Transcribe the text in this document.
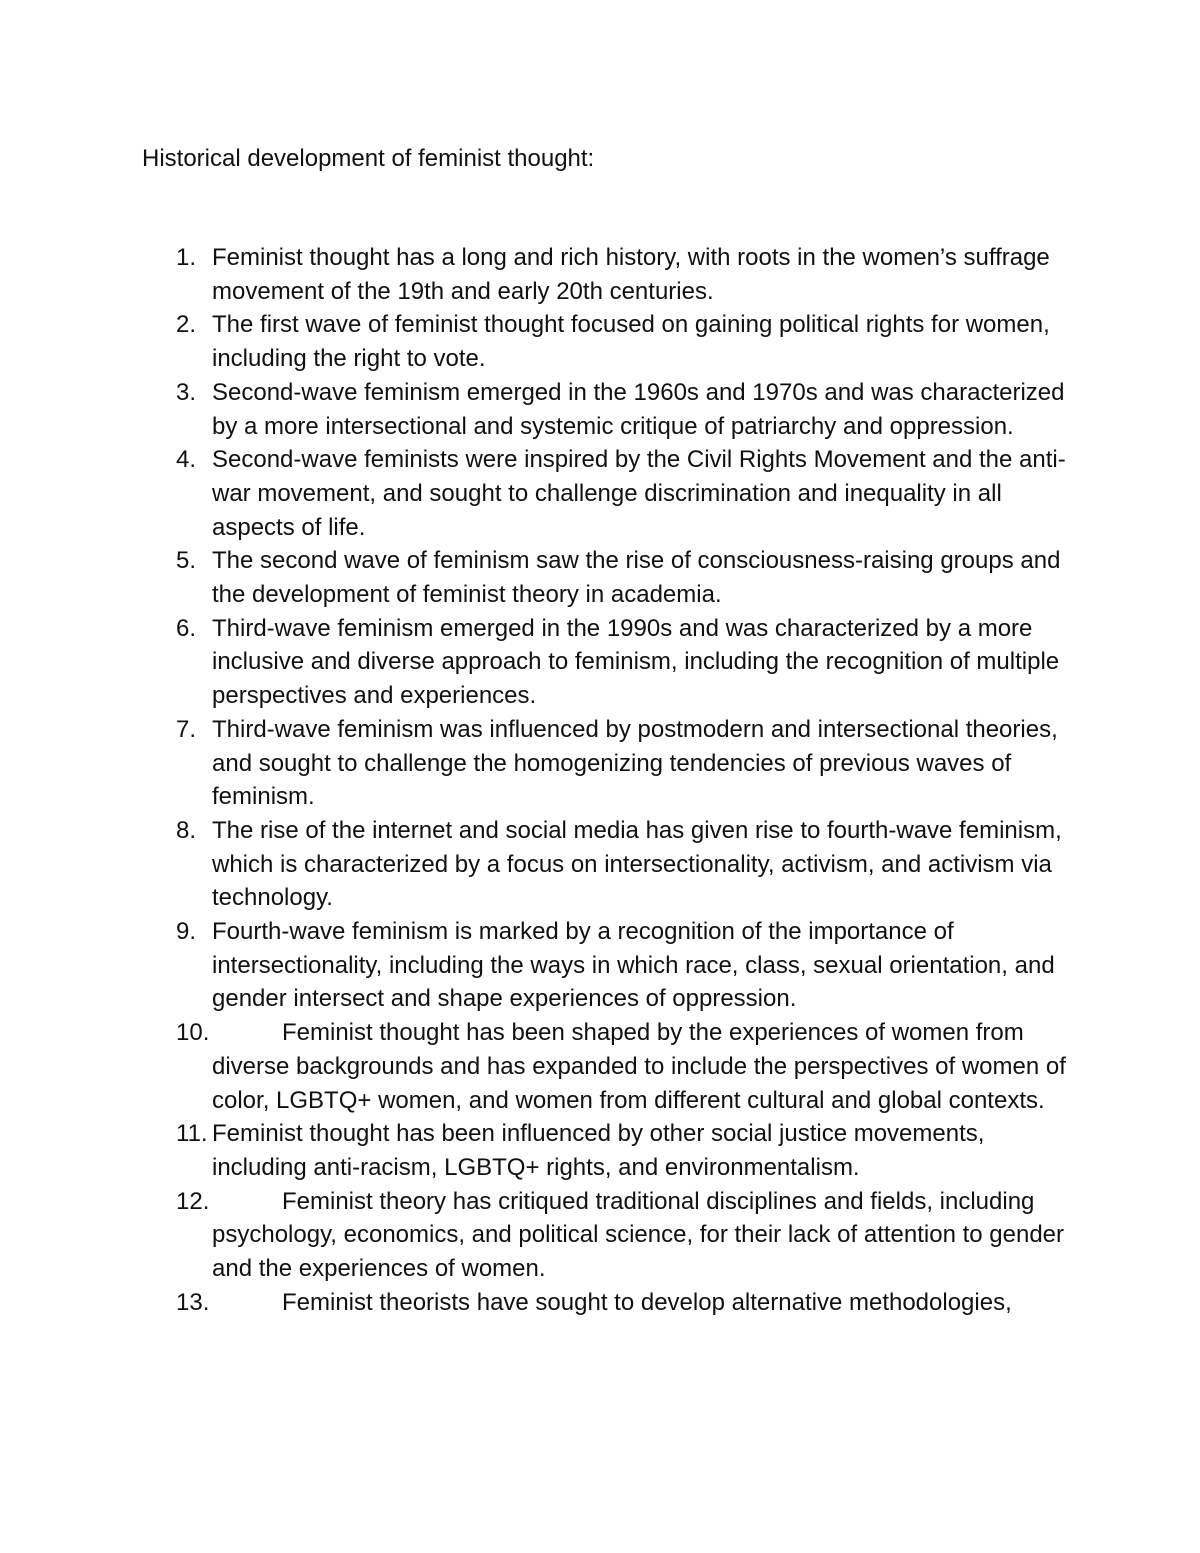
Historical development of feminist thought:
1. Feminist thought has a long and rich history, with roots in the women’s suffrage movement of the 19th and early 20th centuries.
2. The first wave of feminist thought focused on gaining political rights for women, including the right to vote.
3. Second-wave feminism emerged in the 1960s and 1970s and was characterized by a more intersectional and systemic critique of patriarchy and oppression.
4. Second-wave feminists were inspired by the Civil Rights Movement and the anti-war movement, and sought to challenge discrimination and inequality in all aspects of life.
5. The second wave of feminism saw the rise of consciousness-raising groups and the development of feminist theory in academia.
6. Third-wave feminism emerged in the 1990s and was characterized by a more inclusive and diverse approach to feminism, including the recognition of multiple perspectives and experiences.
7. Third-wave feminism was influenced by postmodern and intersectional theories, and sought to challenge the homogenizing tendencies of previous waves of feminism.
8. The rise of the internet and social media has given rise to fourth-wave feminism, which is characterized by a focus on intersectionality, activism, and activism via technology.
9. Fourth-wave feminism is marked by a recognition of the importance of intersectionality, including the ways in which race, class, sexual orientation, and gender intersect and shape experiences of oppression.
10.	Feminist thought has been shaped by the experiences of women from diverse backgrounds and has expanded to include the perspectives of women of color, LGBTQ+ women, and women from different cultural and global contexts.
11. Feminist thought has been influenced by other social justice movements, including anti-racism, LGBTQ+ rights, and environmentalism.
12.	Feminist theory has critiqued traditional disciplines and fields, including psychology, economics, and political science, for their lack of attention to gender and the experiences of women.
13.	Feminist theorists have sought to develop alternative methodologies,
